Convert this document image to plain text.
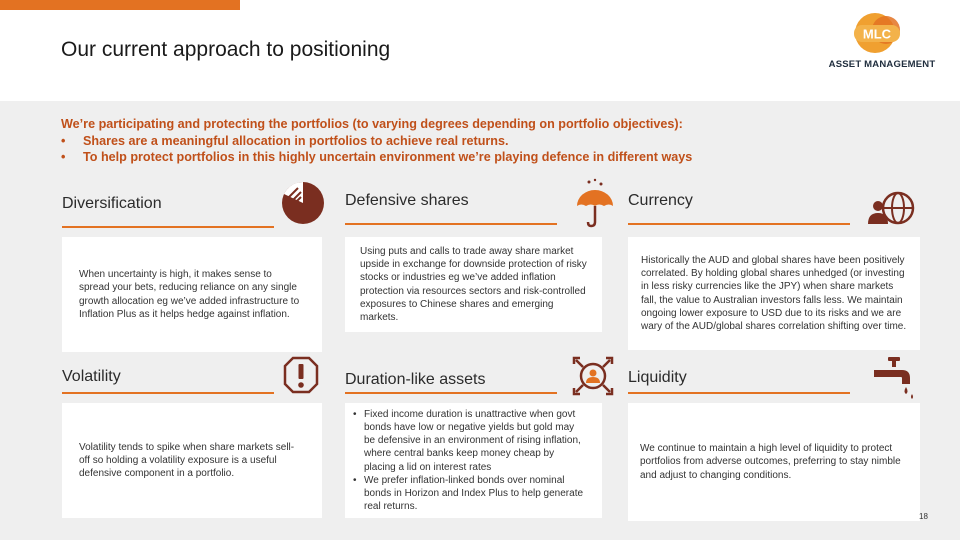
Our current approach to positioning
MLC
ASSET MANAGEMENT
We’re participating and protecting the portfolios (to varying degrees depending on portfolio objectives):
•	Shares are a meaningful allocation in portfolios to achieve real returns.
•	To help protect portfolios in this highly uncertain environment we’re playing defence in different ways
Diversification
When uncertainty is high, it makes sense to spread your bets, reducing reliance on any single growth allocation eg we’ve added infrastructure to Inflation Plus as it helps hedge against inflation.
Defensive shares
Using puts and calls to trade away share market upside in exchange for downside protection of risky stocks or industries eg we’ve added inflation protection via resources sectors and risk-controlled exposures to Chinese shares and emerging markets.
Currency
Historically the AUD and global shares have been positively correlated. By holding global shares unhedged (or investing in less risky currencies like the JPY) when share markets fall, the value to Australian investors falls less. We maintain ongoing lower exposure to USD due to its risks and we are wary of the AUD/global shares correlation shifting over time.
Volatility
Volatility tends to spike when share markets sell-off so holding a volatility exposure is a useful defensive component in a portfolio.
Duration-like assets
• Fixed income duration is unattractive when govt bonds have low or negative yields but gold may be defensive in an environment of rising inflation, where central banks keep money cheap by placing a lid on interest rates
• We prefer inflation-linked bonds over nominal bonds in Horizon and Index Plus to help generate real returns.
Liquidity
We continue to maintain a high level of liquidity to protect portfolios from adverse outcomes, preferring to stay nimble and adjust to changing conditions.
18
